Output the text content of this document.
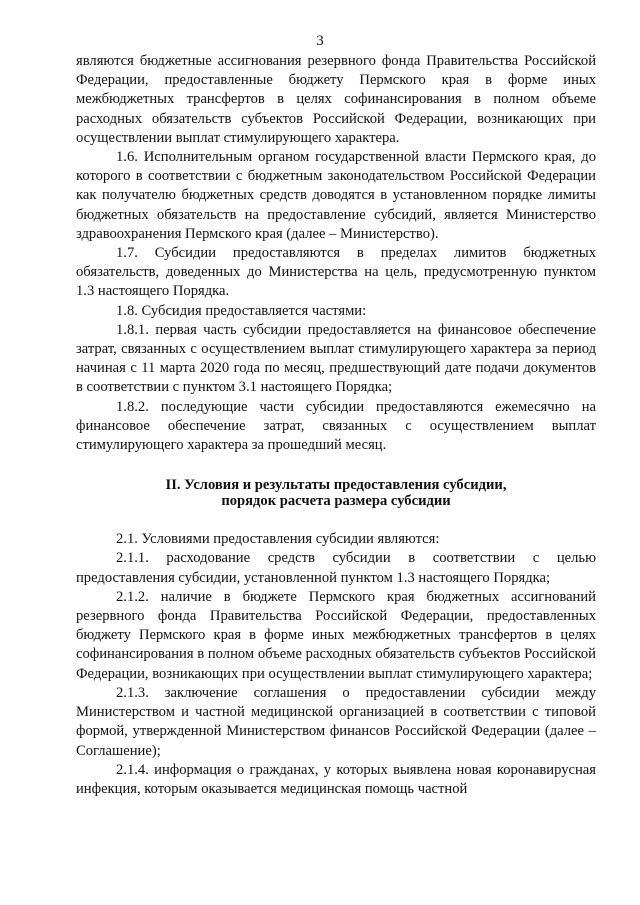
3

являются бюджетные ассигнования резервного фонда Правительства Российской Федерации, предоставленные бюджету Пермского края в форме иных межбюджетных трансфертов в целях софинансирования в полном объеме расходных обязательств субъектов Российской Федерации, возникающих при осуществлении выплат стимулирующего характера.

1.6. Исполнительным органом государственной власти Пермского края, до которого в соответствии с бюджетным законодательством Российской Федерации как получателю бюджетных средств доводятся в установленном порядке лимиты бюджетных обязательств на предоставление субсидий, является Министерство здравоохранения Пермского края (далее – Министерство).

1.7. Субсидии предоставляются в пределах лимитов бюджетных обязательств, доведенных до Министерства на цель, предусмотренную пунктом 1.3 настоящего Порядка.

1.8. Субсидия предоставляется частями:

1.8.1. первая часть субсидии предоставляется на финансовое обеспечение затрат, связанных с осуществлением выплат стимулирующего характера за период начиная с 11 марта 2020 года по месяц, предшествующий дате подачи документов в соответствии с пунктом 3.1 настоящего Порядка;

1.8.2. последующие части субсидии предоставляются ежемесячно на финансовое обеспечение затрат, связанных с осуществлением выплат стимулирующего характера за прошедший месяц.

II. Условия и результаты предоставления субсидии,
порядок расчета размера субсидии

2.1. Условиями предоставления субсидии являются:

2.1.1. расходование средств субсидии в соответствии с целью предоставления субсидии, установленной пунктом 1.3 настоящего Порядка;

2.1.2. наличие в бюджете Пермского края бюджетных ассигнований резервного фонда Правительства Российской Федерации, предоставленных бюджету Пермского края в форме иных межбюджетных трансфертов в целях софинансирования в полном объеме расходных обязательств субъектов Российской Федерации, возникающих при осуществлении выплат стимулирующего характера;

2.1.3. заключение соглашения о предоставлении субсидии между Министерством и частной медицинской организацией в соответствии с типовой формой, утвержденной Министерством финансов Российской Федерации (далее – Соглашение);

2.1.4. информация о гражданах, у которых выявлена новая коронавирусная инфекция, которым оказывается медицинская помощь частной
